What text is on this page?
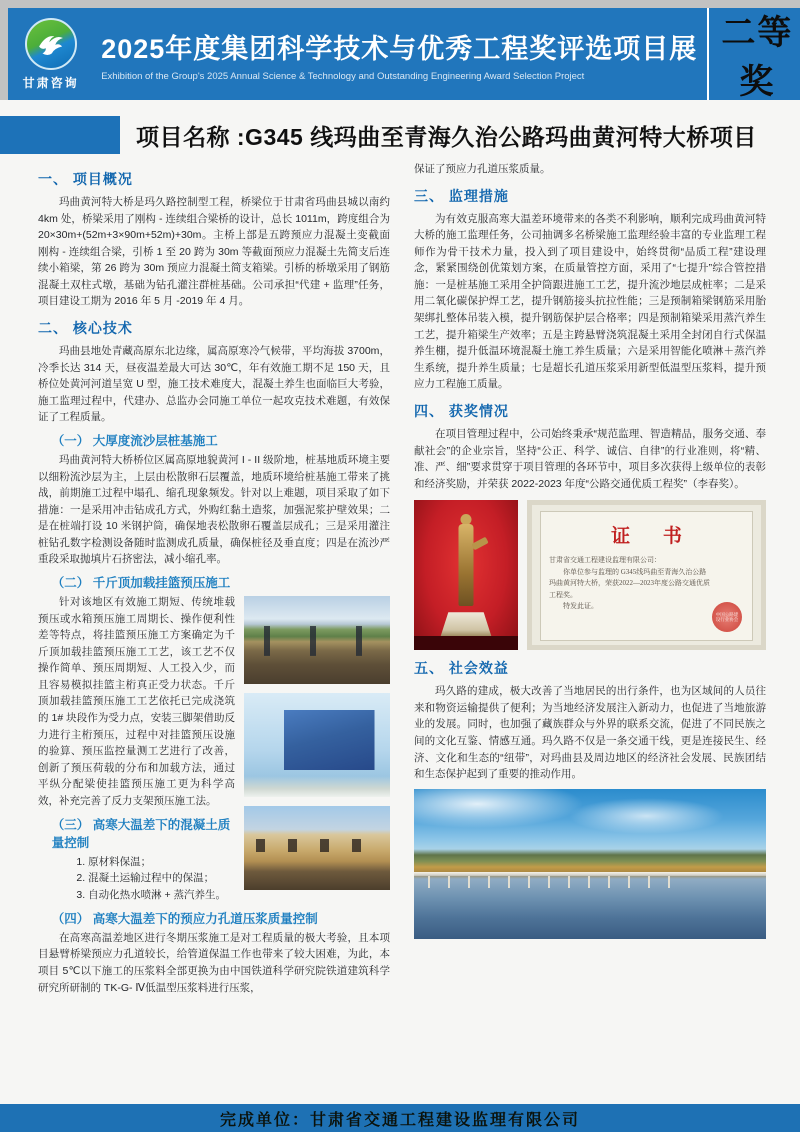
甘肃咨询
2025年度集团科学技术与优秀工程奖评选项目展
Exhibition of the Group's 2025 Annual Science & Technology and Outstanding Engineering Award Selection Project
二等奖
项目名称 :G345 线玛曲至青海久治公路玛曲黄河特大桥项目
一、 项目概况

玛曲黄河特大桥是玛久路控制型工程，桥梁位于甘肃省玛曲县城以南约 4km 处，桥梁采用了刚构 - 连续组合梁桥的设计，总长 1011m，跨度组合为 20×30m+(52m+3×90m+52m)+30m。主桥上部是五跨预应力混凝土变截面刚构 - 连续组合梁，引桥 1 至 20 跨为 30m 等截面预应力混凝土先简支后连续小箱梁，第 26 跨为 30m 预应力混凝土简支箱梁。引桥的桥墩采用了钢筋混凝土双柱式墩，基础为钻孔灌注群桩基础。公司承担“代建 + 监理”任务，项目建设工期为 2016 年 5 月 -2019 年 4 月。

二、 核心技术

玛曲县地处青藏高原东北边缘，属高原寒冷气候带，平均海拔 3700m，冷季长达 314 天，昼夜温差最大可达 30℃，年有效施工期不足 150 天，且桥位处黄河河道呈宽 U 型，施工技术难度大，混凝土养生也面临巨大考验，施工监理过程中，代建办、总监办会同施工单位一起攻克技术难题，有效保证了工程质量。

（一） 大厚度流沙层桩基施工

玛曲黄河特大桥桥位区属高原地貌黄河 I - II 级阶地，桩基地质环境主要以细粉流沙层为主，上层由松散卵石层覆盖，地质环境给桩基施工带来了挑战，前期施工过程中塌孔、缩孔现象频发。针对以上难题，项目采取了如下措施：一是采用冲击钻成孔方式，外购红黏土造浆，加强泥浆护壁效果；二是在桩端打设 10 米钢护筒，确保地表松散卵石覆盖层成孔；三是采用灌注桩钻孔数字检测设备随时监测成孔质量，确保桩径及垂直度；四是在流沙严重段采取抛填片石挤密法，减小缩孔率。

（二） 千斤顶加载挂篮预压施工

针对该地区有效施工期短、传统堆载预压或水箱预压施工周期长、操作便利性差等特点，将挂篮预压施工方案确定为千斤顶加载挂篮预压施工工艺，该工艺不仅操作简单、预压周期短、人工投入少，而且容易模拟挂篮主桁真正受力状态。千斤顶加载挂篮预压施工工艺依托已完成浇筑的 1# 块段作为受力点，安装三脚架借助反力进行主桁预压，过程中对挂篮预压设施的验算、预压监控量测工艺进行了改善，创新了预压荷载的分布和加载方法，通过平纵分配梁使挂篮预压施工更为科学高效，补充完善了反力支架预压施工法。

（三） 高寒大温差下的混凝土质量控制
1. 原材料保温；
2. 混凝土运输过程中的保温；
3. 自动化热水喷淋 + 蒸汽养生。
（四） 高寒大温差下的预应力孔道压浆质量控制

在高寒高温差地区进行冬期压浆施工是对工程质量的极大考验，且本项目悬臂桥梁预应力孔道较长，给管道保温工作也带来了较大困难，为此，本项目 5℃以下施工的压浆料全部更换为由中国铁道科学研究院铁道建筑科学研究所研制的 TK-G- Ⅳ低温型压浆料进行压浆，

保证了预应力孔道压浆质量。

三、 监理措施

为有效克服高寒大温差环境带来的各类不利影响，顺利完成玛曲黄河特大桥的施工监理任务，公司抽调多名桥梁施工监理经验丰富的专业监理工程师作为骨干技术力量，投入到了项目建设中，始终贯彻“品质工程”建设理念，紧紧围绕创优策划方案，在质量管控方面，采用了“七提升”综合管控措施：一是桩基施工采用全护筒跟进施工工艺，提升流沙地层成桩率；二是采用二氧化碳保护焊工艺，提升钢筋接头抗拉性能；三是预制箱梁钢筋采用胎架绑扎整体吊装入模，提升钢筋保护层合格率；四是预制箱梁采用蒸汽养生工艺，提升箱梁生产效率；五是主跨悬臂浇筑混凝土采用全封闭自行式保温养生棚，提升低温环境混凝土施工养生质量；六是采用智能化喷淋＋蒸汽养生系统，提升养生质量；七是超长孔道压浆采用新型低温型压浆料，提升预应力工程施工质量。

四、 获奖情况

在项目管理过程中，公司始终秉承“规范监理、智造精品，服务交通、奉献社会”的企业宗旨，坚持“公正、科学、诚信、自律”的行业准则，将“精、准、严、细”要求贯穿于项目管理的各环节中，项目多次获得上级单位的表彰和经济奖励，并荣获 2022-2023 年度“公路交通优质工程奖”（李春奖）。

证 书
甘肃省交通工程建设监理有限公司：
你单位参与监理的 G345线玛曲至青海久治公路
玛曲黄河特大桥，荣获2022—2023年度公路交通优质
工程奖。
特发此证。
中国公路建设行业协会
五、 社会效益

玛久路的建成，极大改善了当地居民的出行条件，也为区域间的人员往来和物资运输提供了便利；为当地经济发展注入新动力，也促进了当地旅游业的发展。同时，也加强了藏族群众与外界的联系交流，促进了不同民族之间的文化互鉴、情感互通。玛久路不仅是一条交通干线，更是连接民生、经济、文化和生态的“纽带”，对玛曲县及周边地区的经济社会发展、民族团结和生态保护起到了重要的推动作用。

完成单位：甘肃省交通工程建设监理有限公司
